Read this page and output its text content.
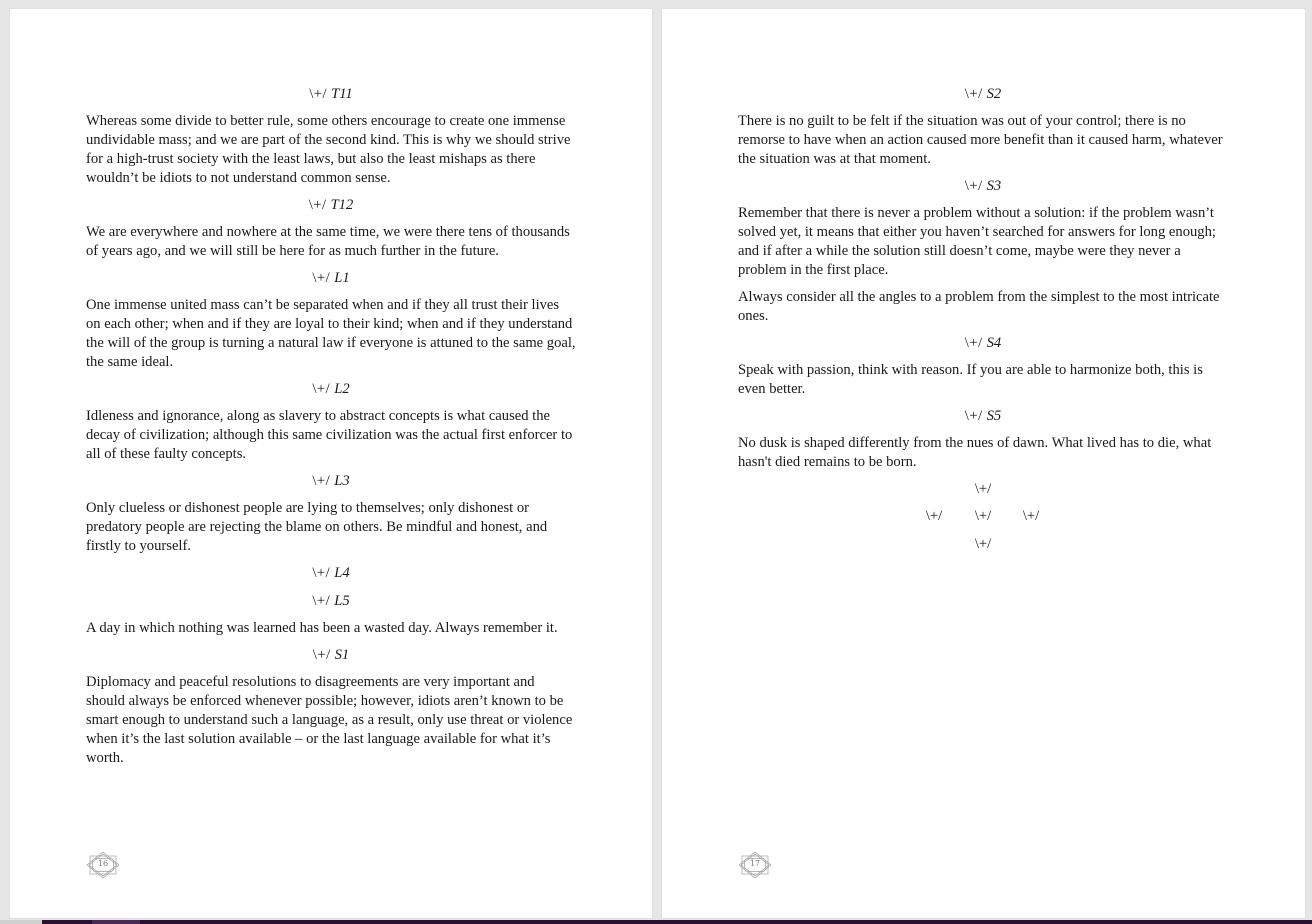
\+/ T11

Whereas some divide to better rule, some others encourage to create one immense undividable mass; and we are part of the second kind. This is why we should strive for a high-trust society with the least laws, but also the least mishaps as there wouldn’t be idiots to not understand common sense.

\+/ T12

We are everywhere and nowhere at the same time, we were there tens of thousands of years ago, and we will still be here for as much further in the future.

\+/ L1

One immense united mass can’t be separated when and if they all trust their lives on each other; when and if they are loyal to their kind; when and if they understand the will of the group is turning a natural law if everyone is attuned to the same goal, the same ideal.

\+/ L2

Idleness and ignorance, along as slavery to abstract concepts is what caused the decay of civilization; although this same civilization was the actual first enforcer to all of these faulty concepts.

\+/ L3

Only clueless or dishonest people are lying to themselves; only dishonest or predatory people are rejecting the blame on others. Be mindful and honest, and firstly to yourself.

\+/ L4
\+/ L5

A day in which nothing was learned has been a wasted day. Always remember it.

\+/ S1

Diplomacy and peaceful resolutions to disagreements are very important and should always be enforced whenever possible; however, idiots aren’t known to be smart enough to understand such a language, as a result, only use threat or violence when it’s the last solution available – or the last language available for what it’s worth.

16
\+/ S2

There is no guilt to be felt if the situation was out of your control; there is no remorse to have when an action caused more benefit than it caused harm, whatever the situation was at that moment.

\+/ S3

Remember that there is never a problem without a solution: if the problem wasn’t solved yet, it means that either you haven’t searched for answers for long enough; and if after a while the solution still doesn’t come, maybe were they never a problem in the first place.

Always consider all the angles to a problem from the simplest to the most intricate ones.

\+/ S4

Speak with passion, think with reason. If you are able to harmonize both, this is even better.

\+/ S5

No dusk is shaped differently from the nues of dawn. What lived has to die, what hasn't died remains to be born.

\+/
\+/	\+/	\+/
\+/
17
